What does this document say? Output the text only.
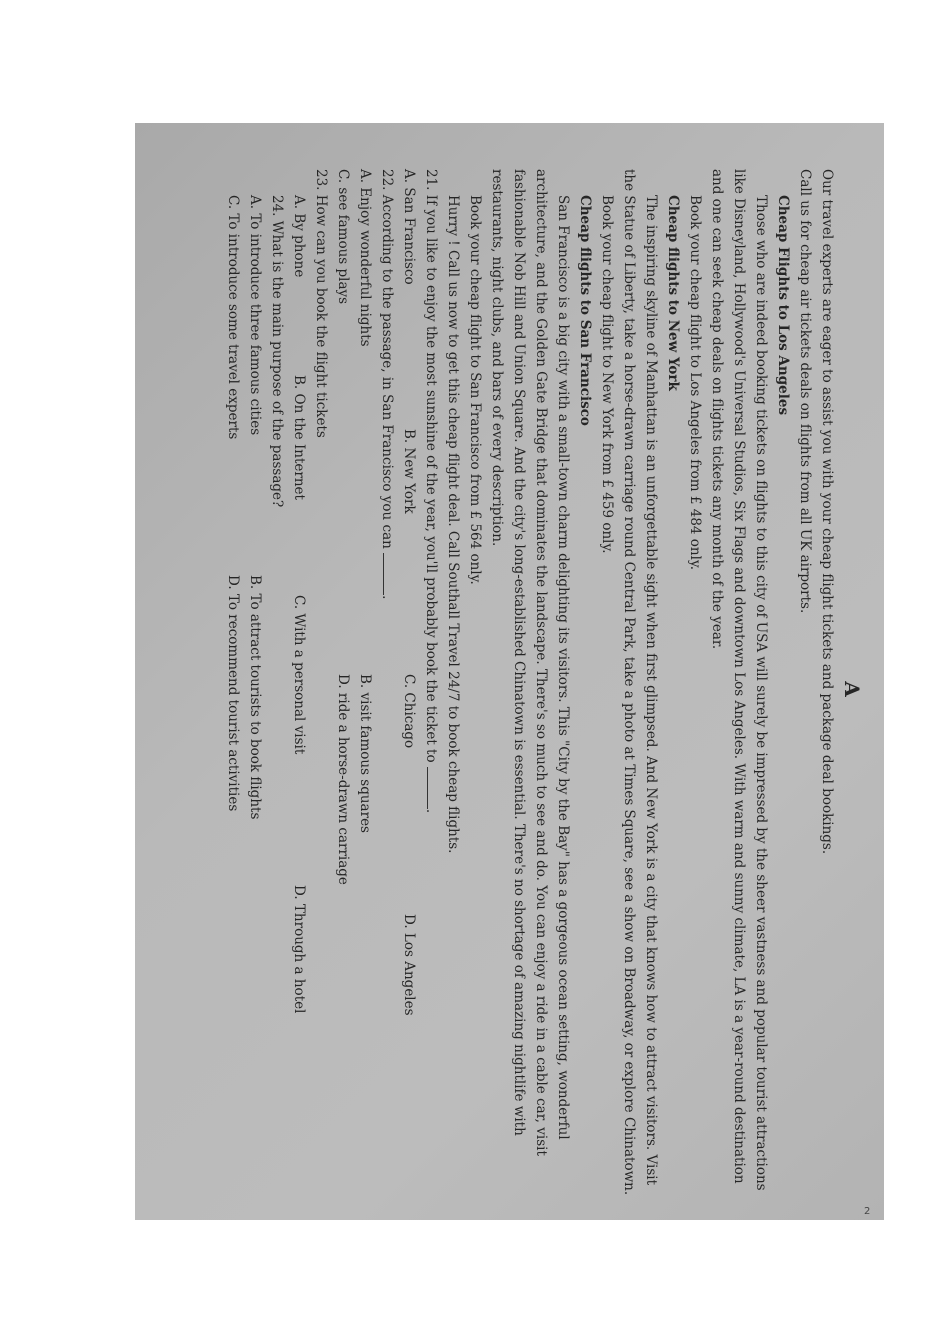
A

Our travel experts are eager to assist you with your cheap flight tickets and package deal bookings.

Call us for cheap air tickets deals on flights from all UK airports.

Cheap Flights to Los Angeles

Those who are indeed booking tickets on flights to this city of USA will surely be impressed by the sheer vastness and popular tourist attractions like Disneyland, Hollywood's Universal Studios, Six Flags and downtown Los Angeles. With warm and sunny climate, LA is a year-round destination and one can seek cheap deals on flights tickets any month of the year.

Book your cheap flight to Los Angeles from £ 484 only.

Cheap flights to New York

The inspiring skyline of Manhattan is an unforgettable sight when first glimpsed. And New York is a city that knows how to attract visitors. Visit the Statue of Liberty, take a horse-drawn carriage round Central Park, take a photo at Times Square, see a show on Broadway, or explore Chinatown.

Book your cheap flight to New York from £ 459 only.

Cheap flights to San Francisco

San Francisco is a big city with a small-town charm delighting its visitors. This "City by the Bay" has a gorgeous ocean setting, wonderful architecture, and the Golden Gate Bridge that dominates the landscape. There's so much to see and do. You can enjoy a ride in a cable car, visit fashionable Nob Hill and Union Square. And the city's long-established Chinatown is essential. There's no shortage of amazing nightlife with restaurants, night clubs, and bars of every description.

Book your cheap flight to San Francisco from £ 564 only.

Hurry ! Call us now to get this cheap flight deal. Call Southall Travel 24/7 to book cheap flights.

21. If you like to enjoy the most sunshine of the year, you'll probably book the ticket to .

A. San Francisco
B. New York
C. Chicago
D. Los Angeles

22. According to the passage, in San Francisco you can .

A. Enjoy wonderful nights
B. visit famous squares
C. see famous plays
D. ride a horse-drawn carriage

23. How can you book the flight tickets

A. By phone
B. On the Internet
C. With a personal visit
D. Through a hotel

24. What is the main purpose of the passage?

A. To introduce three famous cities
B. To attract tourists to book flights
C. To introduce some travel experts
D. To recommend tourist activities
2
